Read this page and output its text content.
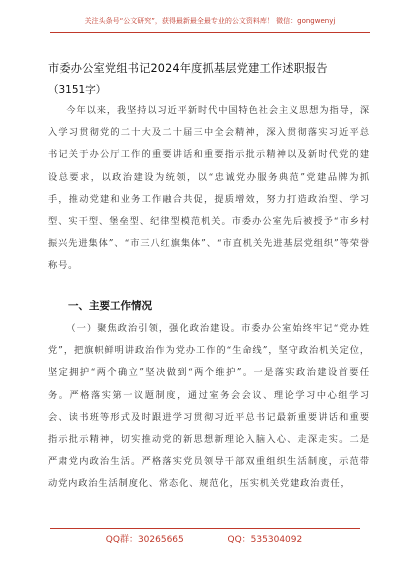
关注头条号“公文研究”，获得最新最全最专业的公文资料库！ 微信：gongwenyj
市委办公室党组书记2024年度抓基层党建工作述职报告
（3151字）

今年以来，我坚持以习近平新时代中国特色社会主义思想为指导，深入学习贯彻党的二十大及二十届三中全会精神，深入贯彻落实习近平总书记关于办公厅工作的重要讲话和重要指示批示精神以及新时代党的建设总要求，以政治建设为统领，以“忠诚党办服务典范”党建品牌为抓手，推动党建和业务工作融合共促，提质增效，努力打造政治型、学习型、实干型、堡垒型、纪律型模范机关。市委办公室先后被授予“市乡村振兴先进集体”、“市三八红旗集体”、“市直机关先进基层党组织”等荣誉称号。

一、主要工作情况

（一）聚焦政治引领，强化政治建设。市委办公室始终牢记“党办姓党”，把旗帜鲜明讲政治作为党办工作的“生命线”，坚守政治机关定位，坚定拥护“两个确立”坚决做到“两个维护”。一是落实政治建设首要任务。严格落实第一议题制度，通过室务会会议、理论学习中心组学习会、读书班等形式及时跟进学习贯彻习近平总书记最新重要讲话和重要指示批示精神，切实推动党的新思想新理论入脑入心、走深走实。二是严肃党内政治生活。严格落实党员领导干部双重组织生活制度，示范带动党内政治生活制度化、常态化、规范化，压实机关党建政治责任，

QQ群：30265665	QQ：535304092
